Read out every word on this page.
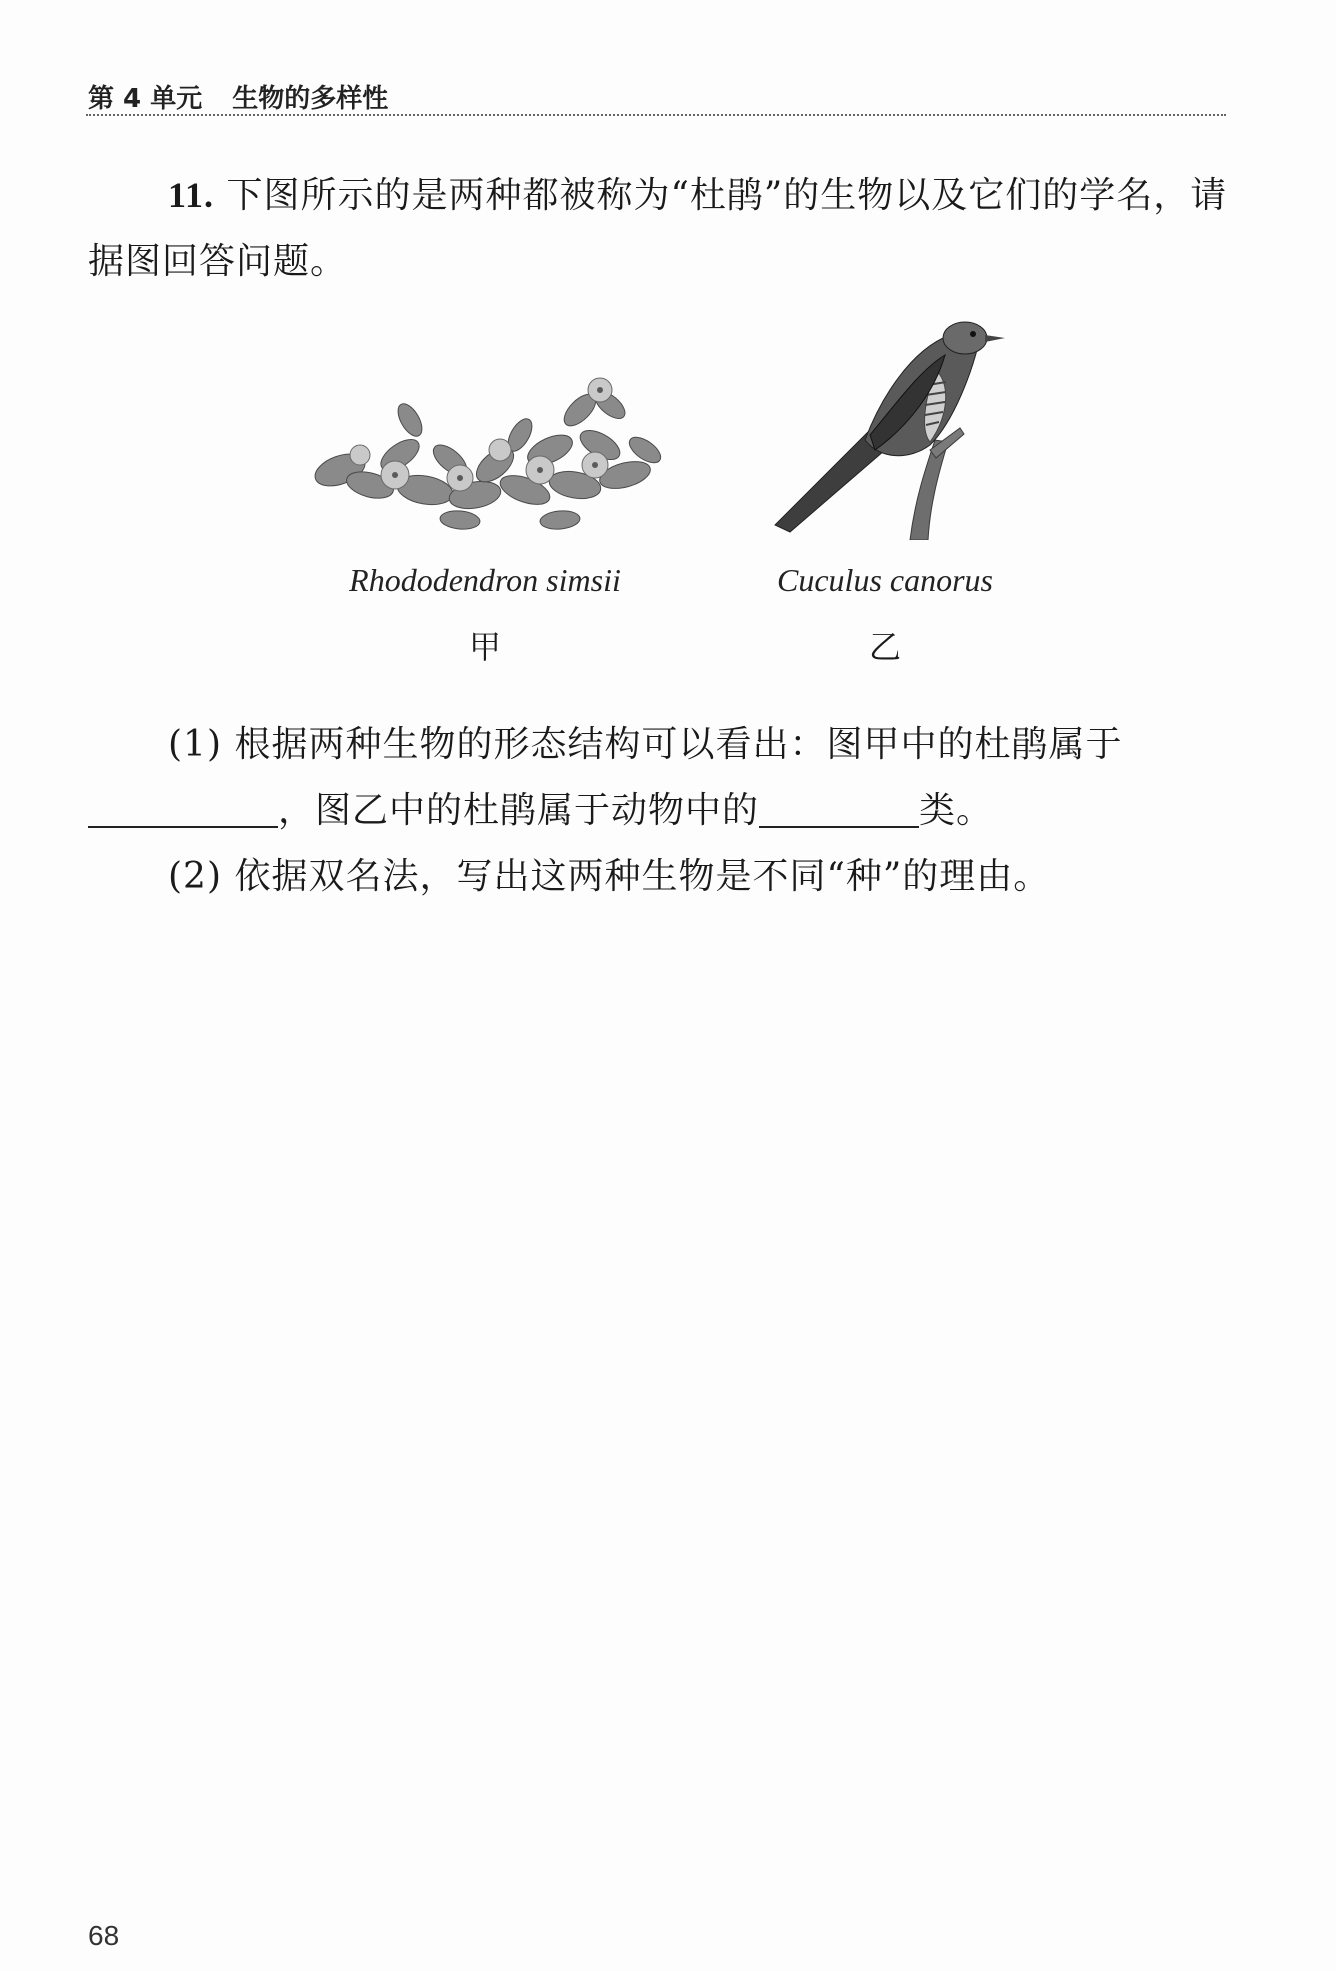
第 4 单元 生物的多样性
11. 下图所示的是两种都被称为“杜鹃”的生物以及它们的学名，请据图回答问题。
Rhododendron simsii	Cuculus canorus
甲	乙
(1) 根据两种生物的形态结构可以看出：图甲中的杜鹃属于，图乙中的杜鹃属于动物中的	类。
(2) 依据双名法，写出这两种生物是不同“种”的理由。
68
